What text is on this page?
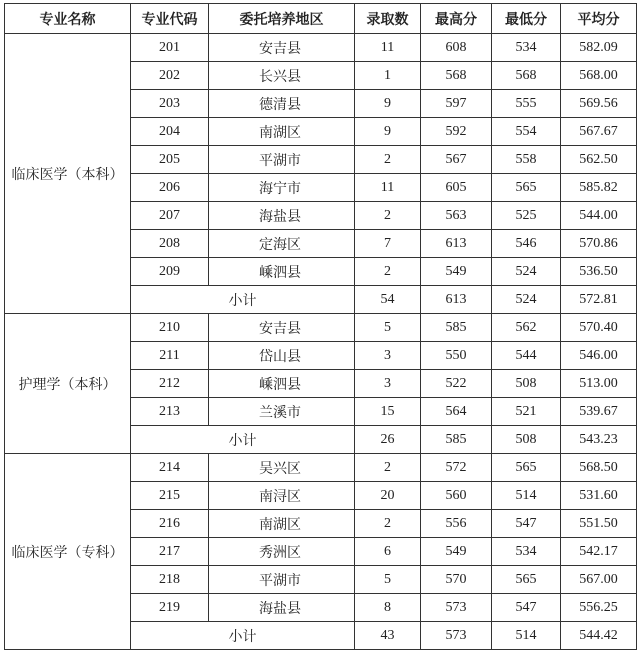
专业名称	专业代码	委托培养地区	录取数	最高分	最低分	平均分
临床医学（本科）	201	安吉县	11	608	534	582.09
	202	长兴县	1	568	568	568.00
	203	德清县	9	597	555	569.56
	204	南湖区	9	592	554	567.67
	205	平湖市	2	567	558	562.50
	206	海宁市	11	605	565	585.82
	207	海盐县	2	563	525	544.00
	208	定海区	7	613	546	570.86
	209	嵊泗县	2	549	524	536.50
	小计		54	613	524	572.81
护理学（本科）	210	安吉县	5	585	562	570.40
	211	岱山县	3	550	544	546.00
	212	嵊泗县	3	522	508	513.00
	213	兰溪市	15	564	521	539.67
	小计		26	585	508	543.23
临床医学（专科）	214	吴兴区	2	572	565	568.50
	215	南浔区	20	560	514	531.60
	216	南湖区	2	556	547	551.50
	217	秀洲区	6	549	534	542.17
	218	平湖市	5	570	565	567.00
	219	海盐县	8	573	547	556.25
	小计		43	573	514	544.42
